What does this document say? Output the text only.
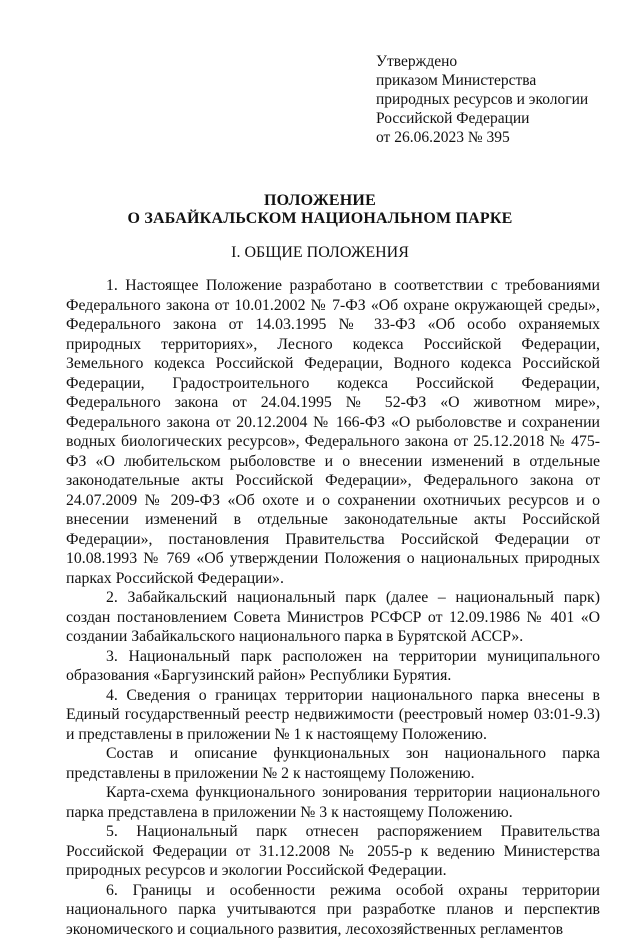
Утверждено
приказом Министерства
природных ресурсов и экологии
Российской Федерации
от 26.06.2023 № 395
ПОЛОЖЕНИЕ
О ЗАБАЙКАЛЬСКОМ НАЦИОНАЛЬНОМ ПАРКЕ
I. ОБЩИЕ ПОЛОЖЕНИЯ

1. Настоящее Положение разработано в соответствии с требованиями Федерального закона от 10.01.2002 № 7-ФЗ «Об охране окружающей среды», Федерального закона от 14.03.1995 № 33-ФЗ «Об особо охраняемых природных территориях», Лесного кодекса Российской Федерации, Земельного кодекса Российской Федерации, Водного кодекса Российской Федерации, Градостроительного кодекса Российской Федерации, Федерального закона от 24.04.1995 № 52-ФЗ «О животном мире», Федерального закона от 20.12.2004 № 166-ФЗ «О рыболовстве и сохранении водных биологических ресурсов», Федерального закона от 25.12.2018 № 475-ФЗ «О любительском рыболовстве и о внесении изменений в отдельные законодательные акты Российской Федерации», Федерального закона от 24.07.2009 № 209-ФЗ «Об охоте и о сохранении охотничьих ресурсов и о внесении изменений в отдельные законодательные акты Российской Федерации», постановления Правительства Российской Федерации от 10.08.1993 № 769 «Об утверждении Положения о национальных природных парках Российской Федерации».

2. Забайкальский национальный парк (далее – национальный парк) создан постановлением Совета Министров РСФСР от 12.09.1986 № 401 «О создании Забайкальского национального парка в Бурятской АССР».

3. Национальный парк расположен на территории муниципального образования «Баргузинский район» Республики Бурятия.

4. Сведения о границах территории национального парка внесены в Единый государственный реестр недвижимости (реестровый номер 03:01-9.3) и представлены в приложении № 1 к настоящему Положению.

Состав и описание функциональных зон национального парка представлены в приложении № 2 к настоящему Положению.

Карта-схема функционального зонирования территории национального парка представлена в приложении № 3 к настоящему Положению.

5. Национальный парк отнесен распоряжением Правительства Российской Федерации от 31.12.2008 № 2055-р к ведению Министерства природных ресурсов и экологии Российской Федерации.

6. Границы и особенности режима особой охраны территории национального парка учитываются при разработке планов и перспектив экономического и социального развития, лесохозяйственных регламентов
